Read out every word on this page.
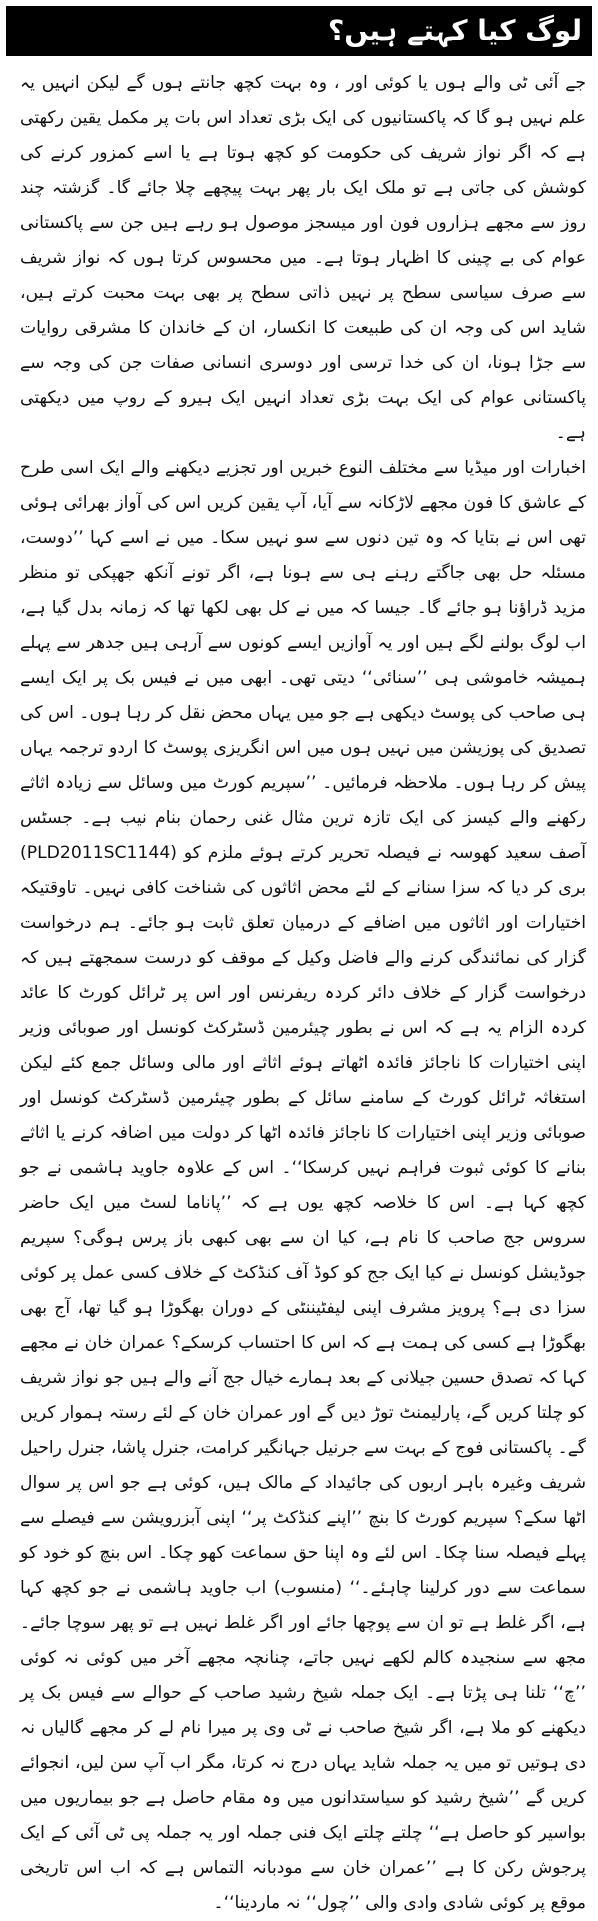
لوگ کیا کہتے ہیں؟

جے آئی ٹی والے ہوں یا کوئی اور ، وہ بہت کچھ جانتے ہوں گے لیکن انہیں یہ علم نہیں ہو گا کہ پاکستانیوں کی ایک بڑی تعداد اس بات پر مکمل یقین رکھتی ہے کہ اگر نواز شریف کی حکومت کو کچھ ہوتا ہے یا اسے کمزور کرنے کی کوشش کی جاتی ہے تو ملک ایک بار پھر بہت پیچھے چلا جائے گا۔ گزشتہ چند روز سے مجھے ہزاروں فون اور میسجز موصول ہو رہے ہیں جن سے پاکستانی عوام کی بے چینی کا اظہار ہوتا ہے۔ میں محسوس کرتا ہوں کہ نواز شریف سے صرف سیاسی سطح پر نہیں ذاتی سطح پر بھی بہت محبت کرتے ہیں، شاید اس کی وجہ ان کی طبیعت کا انکسار، ان کے خاندان کا مشرقی روایات سے جڑا ہونا، ان کی خدا ترسی اور دوسری انسانی صفات جن کی وجہ سے پاکستانی عوام کی ایک بہت بڑی تعداد انہیں ایک ہیرو کے روپ میں دیکھتی ہے۔

اخبارات اور میڈیا سے مختلف النوع خبریں اور تجزیے دیکھنے والے ایک اسی طرح کے عاشق کا فون مجھے لاڑکانہ سے آیا، آپ یقین کریں اس کی آواز بھرائی ہوئی تھی اس نے بتایا کہ وہ تین دنوں سے سو نہیں سکا۔ میں نے اسے کہا ’’دوست، مسئلہ حل بھی جاگتے رہنے ہی سے ہونا ہے، اگر تونے آنکھ جھپکی تو منظر مزید ڈراؤنا ہو جائے گا۔ جیسا کہ میں نے کل بھی لکھا تھا کہ زمانہ بدل گیا ہے، اب لوگ بولنے لگے ہیں اور یہ آوازیں ایسے کونوں سے آرہی ہیں جدھر سے پہلے ہمیشہ خاموشی ہی ’’سنائی‘‘ دیتی تھی۔ ابھی میں نے فیس بک پر ایک ایسے ہی صاحب کی پوسٹ دیکھی ہے جو میں یہاں محض نقل کر رہا ہوں۔ اس کی تصدیق کی پوزیشن میں نہیں ہوں میں اس انگریزی پوسٹ کا اردو ترجمہ یہاں پیش کر رہا ہوں۔ ملاحظہ فرمائیں۔ ’’سپریم کورٹ میں وسائل سے زیادہ اثاثے رکھنے والے کیسز کی ایک تازہ ترین مثال غنی رحمان بنام نیب ہے۔ جسٹس آصف سعید کھوسہ نے فیصلہ تحریر کرتے ہوئے ملزم کو (PLD2011SC1144) بری کر دیا کہ سزا سنانے کے لئے محض اثاثوں کی شناخت کافی نہیں۔ تاوقتیکہ اختیارات اور اثاثوں میں اضافے کے درمیان تعلق ثابت ہو جائے۔ ہم درخواست گزار کی نمائندگی کرنے والے فاضل وکیل کے موقف کو درست سمجھتے ہیں کہ درخواست گزار کے خلاف دائر کردہ ریفرنس اور اس پر ٹرائل کورٹ کا عائد کردہ الزام یہ ہے کہ اس نے بطور چیئرمین ڈسٹرکٹ کونسل اور صوبائی وزیر اپنی اختیارات کا ناجائز فائدہ اٹھاتے ہوئے اثاثے اور مالی وسائل جمع کئے لیکن استغاثہ ٹرائل کورٹ کے سامنے سائل کے بطور چیئرمین ڈسٹرکٹ کونسل اور صوبائی وزیر اپنی اختیارات کا ناجائز فائدہ اٹھا کر دولت میں اضافہ کرنے یا اثاثے بنانے کا کوئی ثبوت فراہم نہیں کرسکا‘‘۔ اس کے علاوہ جاوید ہاشمی نے جو کچھ کہا ہے۔ اس کا خلاصہ کچھ یوں ہے کہ ’’پاناما لسٹ میں ایک حاضر سروس جج صاحب کا نام ہے، کیا ان سے بھی کبھی باز پرس ہوگی؟ سپریم جوڈیشل کونسل نے کیا ایک جج کو کوڈ آف کنڈکٹ کے خلاف کسی عمل پر کوئی سزا دی ہے؟ پرویز مشرف اپنی لیفٹیننٹی کے دوران بھگوڑا ہو گیا تھا، آج بھی بھگوڑا ہے کسی کی ہمت ہے کہ اس کا احتساب کرسکے؟ عمران خان نے مجھے کہا کہ تصدق حسین جیلانی کے بعد ہمارے خیال جج آنے والے ہیں جو نواز شریف کو چلتا کریں گے، پارلیمنٹ توڑ دیں گے اور عمران خان کے لئے رستہ ہموار کریں گے۔ پاکستانی فوج کے بہت سے جرنیل جہانگیر کرامت، جنرل پاشا، جنرل راحیل شریف وغیرہ باہر اربوں کی جائیداد کے مالک ہیں، کوئی ہے جو اس پر سوال اٹھا سکے؟ سپریم کورٹ کا بنچ ’’اپنے کنڈکٹ پر‘‘ اپنی آبزرویشن سے فیصلے سے پہلے فیصلہ سنا چکا۔ اس لئے وہ اپنا حق سماعت کھو چکا۔ اس بنچ کو خود کو سماعت سے دور کرلینا چاہئے۔‘‘ (منسوب) اب جاوید ہاشمی نے جو کچھ کہا ہے، اگر غلط ہے تو ان سے پوچھا جائے اور اگر غلط نہیں ہے تو پھر سوچا جائے۔ مجھ سے سنجیدہ کالم لکھے نہیں جاتے، چنانچہ مجھے آخر میں کوئی نہ کوئی ’’چ‘‘ تلنا ہی پڑتا ہے۔ ایک جملہ شیخ رشید صاحب کے حوالے سے فیس بک پر دیکھنے کو ملا ہے، اگر شیخ صاحب نے ٹی وی پر میرا نام لے کر مجھے گالیاں نہ دی ہوتیں تو میں یہ جملہ شاید یہاں درج نہ کرتا، مگر اب آپ سن لیں، انجوائے کریں گے ’’شیخ رشید کو سیاستدانوں میں وہ مقام حاصل ہے جو بیماریوں میں بواسیر کو حاصل ہے‘‘ چلتے چلتے ایک فنی جملہ اور یہ جملہ پی ٹی آئی کے ایک پرجوش رکن کا ہے ’’عمران خان سے مودبانہ التماس ہے کہ اب اس تاریخی موقع پر کوئی شادی وادی والی ’’چول‘‘ نہ ماردینا‘‘۔
